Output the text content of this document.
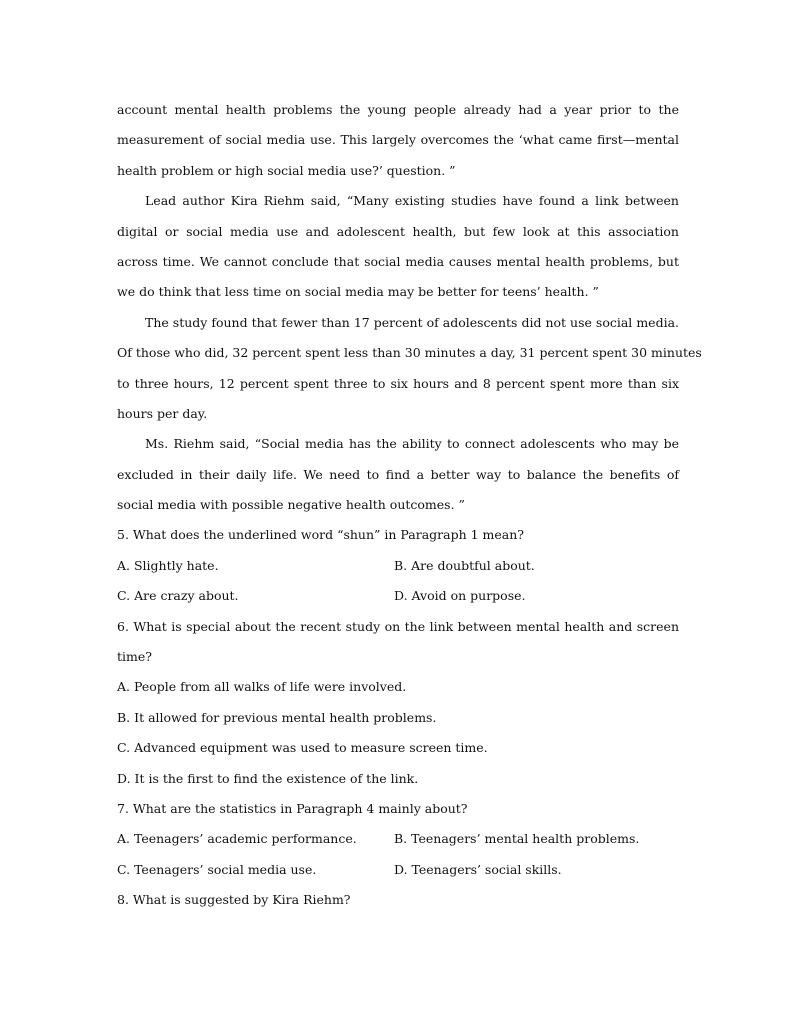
account mental health problems the young people already had a year prior to the
measurement of social media use. This largely overcomes the ‘what came first—mental
health problem or high social media use?’ question. ”
Lead author Kira Riehm said, “Many existing studies have found a link between
digital or social media use and adolescent health, but few look at this association
across time. We cannot conclude that social media causes mental health problems, but
we do think that less time on social media may be better for teens’ health. ”
The study found that fewer than 17 percent of adolescents did not use social media.
Of those who did, 32 percent spent less than 30 minutes a day, 31 percent spent 30 minutes
to three hours, 12 percent spent three to six hours and 8 percent spent more than six
hours per day.
Ms. Riehm said, “Social media has the ability to connect adolescents who may be
excluded in their daily life. We need to find a better way to balance the benefits of
social media with possible negative health outcomes. ”
5. What does the underlined word “shun” in Paragraph 1 mean?
A. Slightly hate.	B. Are doubtful about.
C. Are crazy about.	D. Avoid on purpose.
6. What is special about the recent study on the link between mental health and screen
time?
A. People from all walks of life were involved.
B. It allowed for previous mental health problems.
C. Advanced equipment was used to measure screen time.
D. It is the first to find the existence of the link.
7. What are the statistics in Paragraph 4 mainly about?
A. Teenagers’ academic performance.	B. Teenagers’ mental health problems.
C. Teenagers’ social media use.	D. Teenagers’ social skills.
8. What is suggested by Kira Riehm?
